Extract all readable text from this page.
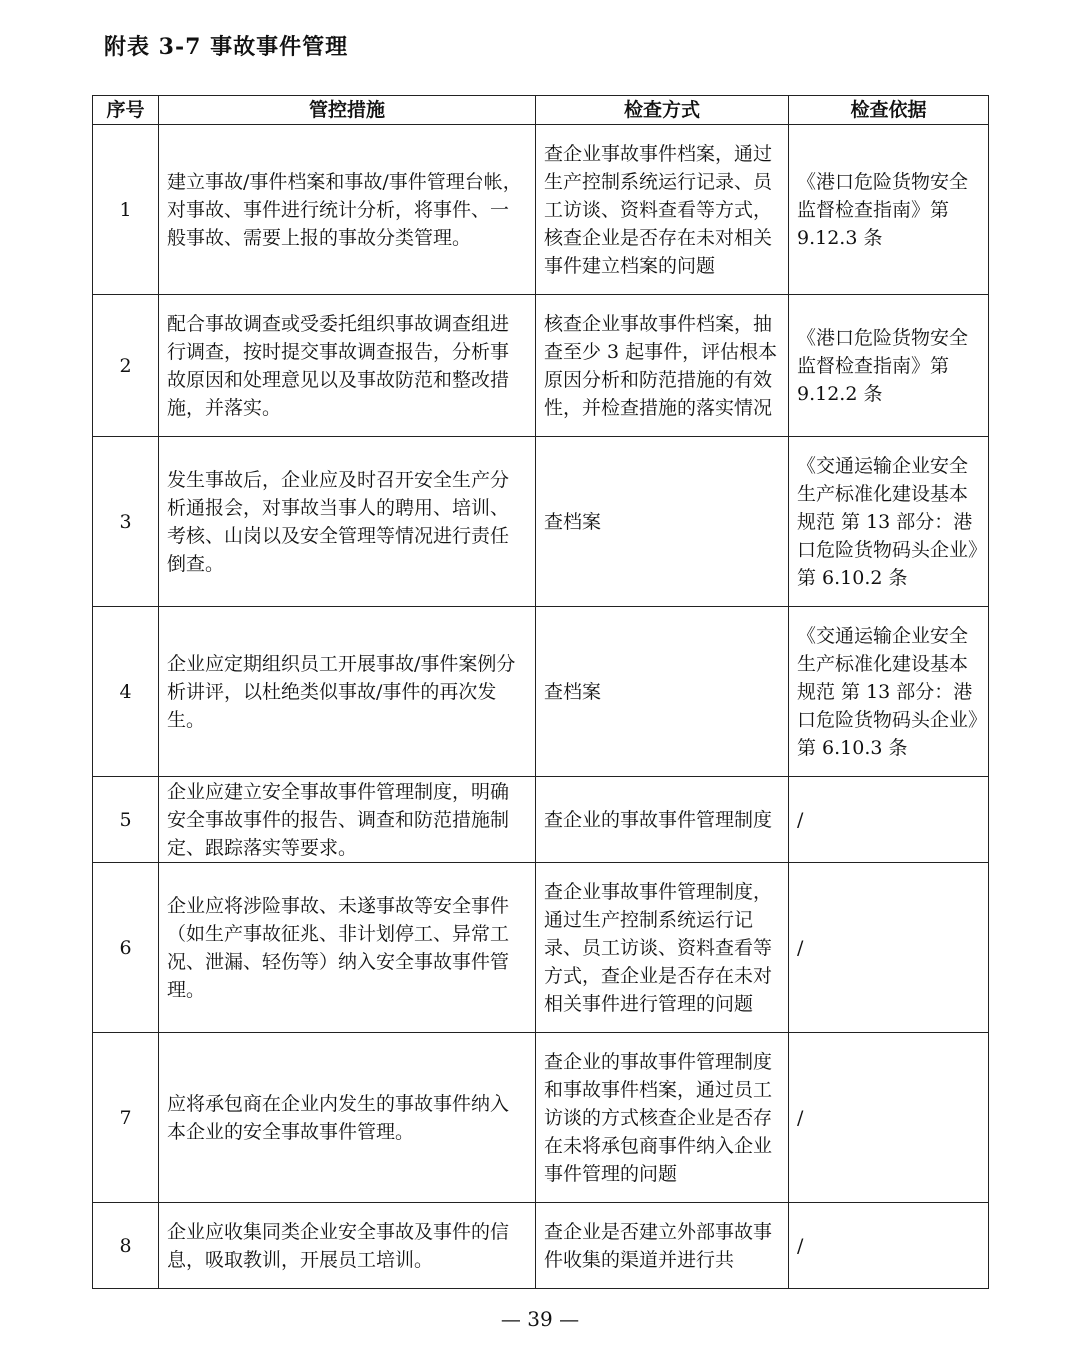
附表 3-7 事故事件管理
序号	管控措施	检查方式	检查依据
1	建立事故/事件档案和事故/事件管理台帐，对事故、事件进行统计分析，将事件、一般事故、需要上报的事故分类管理。	查企业事故事件档案，通过生产控制系统运行记录、员工访谈、资料查看等方式，核查企业是否存在未对相关事件建立档案的问题	《港口危险货物安全监督检查指南》第 9.12.3 条
2	配合事故调查或受委托组织事故调查组进行调查，按时提交事故调查报告，分析事故原因和处理意见以及事故防范和整改措施，并落实。	核查企业事故事件档案，抽查至少 3 起事件，评估根本原因分析和防范措施的有效性，并检查措施的落实情况	《港口危险货物安全监督检查指南》第 9.12.2 条
3	发生事故后，企业应及时召开安全生产分析通报会，对事故当事人的聘用、培训、考核、山岗以及安全管理等情况进行责任倒查。	查档案	《交通运输企业安全生产标准化建设基本规范 第 13 部分：港口危险货物码头企业》第 6.10.2 条
4	企业应定期组织员工开展事故/事件案例分析讲评，以杜绝类似事故/事件的再次发生。	查档案	《交通运输企业安全生产标准化建设基本规范 第 13 部分：港口危险货物码头企业》第 6.10.3 条
5	企业应建立安全事故事件管理制度，明确安全事故事件的报告、调查和防范措施制定、跟踪落实等要求。	查企业的事故事件管理制度	/
6	企业应将涉险事故、未遂事故等安全事件（如生产事故征兆、非计划停工、异常工况、泄漏、轻伤等）纳入安全事故事件管理。	查企业事故事件管理制度，通过生产控制系统运行记录、员工访谈、资料查看等方式，查企业是否存在未对相关事件进行管理的问题	/
7	应将承包商在企业内发生的事故事件纳入本企业的安全事故事件管理。	查企业的事故事件管理制度和事故事件档案，通过员工访谈的方式核查企业是否存在未将承包商事件纳入企业事件管理的问题	/
8	企业应收集同类企业安全事故及事件的信息，吸取教训，开展员工培训。	查企业是否建立外部事故事件收集的渠道并进行共	/

— 39 —
